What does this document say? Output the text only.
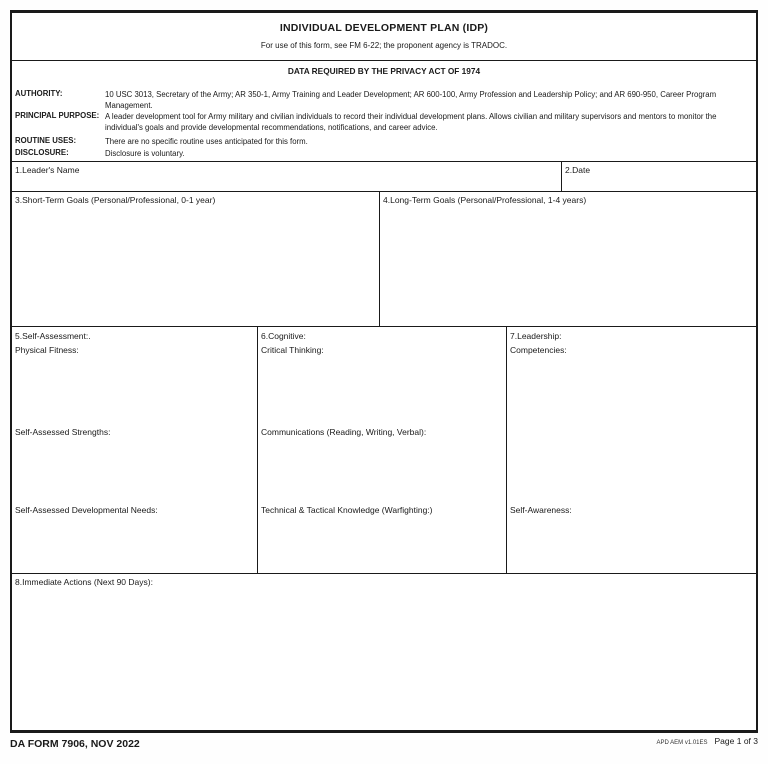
INDIVIDUAL DEVELOPMENT PLAN (IDP)
For use of this form, see FM 6-22; the proponent agency is TRADOC.
DATA REQUIRED BY THE PRIVACY ACT OF 1974
AUTHORITY:	10 USC 3013, Secretary of the Army; AR 350-1, Army Training and Leader Development; AR 600-100, Army Profession and Leadership Policy; and AR 690-950, Career Program Management.
PRINCIPAL PURPOSE: A leader development tool for Army military and civilian individuals to record their individual development plans. Allows civilian and military supervisors and mentors to monitor the individual's goals and provide developmental recommendations, notifications, and career advice.
ROUTINE USES:	There are no specific routine uses anticipated for this form.
DISCLOSURE:	Disclosure is voluntary.
1.Leader's Name	2.Date
3.Short-Term Goals (Personal/Professional, 0-1 year)	4.Long-Term Goals (Personal/Professional, 1-4 years)
5.Self-Assessment:.
Physical Fitness:
Self-Assessed Strengths:
Self-Assessed Developmental Needs:
6.Cognitive:
Critical Thinking:
Communications (Reading, Writing, Verbal):
Technical & Tactical Knowledge (Warfighting:)
7.Leadership:
Competencies:
Self-Awareness:
8.Immediate Actions (Next 90 Days):
DA FORM 7906, NOV 2022	APD AEM v1.01ES Page 1 of 3
